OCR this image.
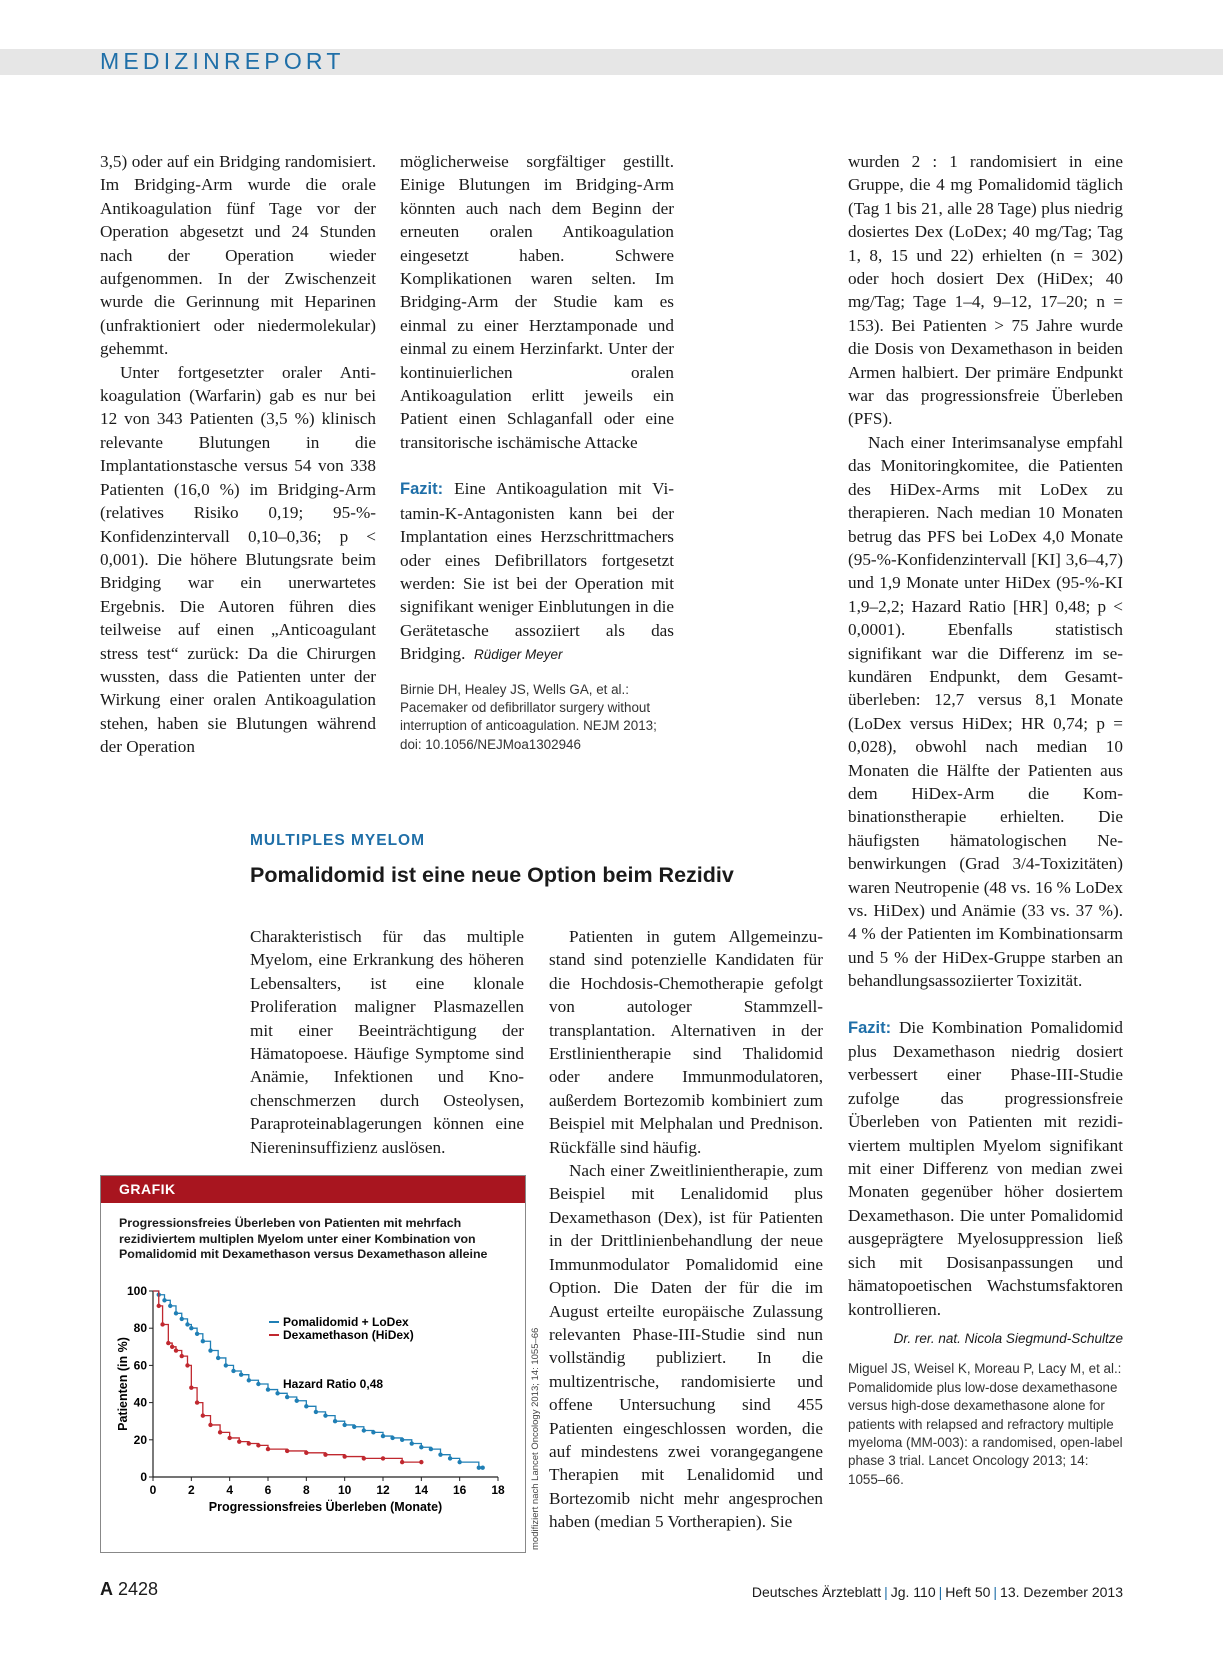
MEDIZINREPORT

3,5) oder auf ein Bridging randomisiert. Im Bridging-Arm wurde die orale Antikoagulation fünf Tage vor der Operation abgesetzt und 24 Stunden nach der Operation wieder aufgenommen. In der Zwischenzeit wurde die Gerinnung mit Heparinen (unfraktioniert oder niedermolekular) gehemmt.

Unter fortgesetzter oraler Antikoagulation (Warfarin) gab es nur bei 12 von 343 Patienten (3,5 %) klinisch relevante Blutungen in die Implantationstasche versus 54 von 338 Patienten (16,0 %) im Bridging-Arm (relatives Risiko 0,19; 95-%-Konfidenzintervall 0,10–0,36; p < 0,001). Die höhere Blutungsrate beim Bridging war ein unerwartetes Ergebnis. Die Autoren führen dies teilweise auf einen „Anticoagulant stress test“ zurück: Da die Chirurgen wussten, dass die Patienten unter der Wirkung einer oralen Antikoagulation stehen, haben sie Blutungen während der Operation

möglicherweise sorgfältiger gestillt. Einige Blutungen im Bridging-Arm könnten auch nach dem Beginn der erneuten oralen Antikoagulation eingesetzt haben. Schwere Komplikationen waren selten. Im Bridging-Arm der Studie kam es einmal zu einer Herztamponade und einmal zu einem Herzinfarkt. Unter der kontinuierlichen oralen Antikoagulation erlitt jeweils ein Patient einen Schlaganfall oder eine transitorische ischämische Attacke

Fazit: Eine Antikoagulation mit Vitamin-K-Antagonisten kann bei der Implantation eines Herzschrittmachers oder eines Defibrillators fortgesetzt werden: Sie ist bei der Operation mit signifikant weniger Einblutungen in die Gerätetasche assoziiert als das Bridging. Rüdiger Meyer

Birnie DH, Healey JS, Wells GA, et al.: Pacemaker od defibrillator surgery without interruption of anticoagulation. NEJM 2013; doi: 10.1056/NEJMoa1302946

wurden 2 : 1 randomisiert in eine Gruppe, die 4 mg Pomalidomid täglich (Tag 1 bis 21, alle 28 Tage) plus niedrig dosiertes Dex (LoDex; 40 mg/Tag; Tag 1, 8, 15 und 22) erhielten (n = 302) oder hoch dosiert Dex (HiDex; 40 mg/Tag; Tage 1–4, 9–12, 17–20; n = 153). Bei Patienten > 75 Jahre wurde die Dosis von Dexamethason in beiden Armen halbiert. Der primäre Endpunkt war das progressionsfreie Überleben (PFS).

Nach einer Interimsanalyse empfahl das Monitoringkomitee, die Patienten des HiDex-Arms mit LoDex zu therapieren. Nach median 10 Monaten betrug das PFS bei LoDex 4,0 Monate (95-%-Konfidenzintervall [KI] 3,6–4,7) und 1,9 Monate unter HiDex (95-%-KI 1,9–2,2; Hazard Ratio [HR] 0,48; p < 0,0001). Ebenfalls statistisch signifikant war die Differenz im sekundären Endpunkt, dem Gesamtüberleben: 12,7 versus 8,1 Monate (LoDex versus HiDex; HR 0,74; p = 0,028), obwohl nach median 10 Monaten die Hälfte der Patienten aus dem HiDex-Arm die Kombinationstherapie erhielten. Die häufigsten hämatologischen Nebenwirkungen (Grad 3/4-Toxizitäten) waren Neutropenie (48 vs. 16 % LoDex vs. HiDex) und Anämie (33 vs. 37 %). 4 % der Patienten im Kombinationsarm und 5 % der HiDex-Gruppe starben an behandlungsassoziierter Toxizität.

Fazit: Die Kombination Pomalidomid plus Dexamethason niedrig dosiert verbessert einer Phase-III-Studie zufolge das progressionsfreie Überleben von Patienten mit rezidiviertem multiplen Myelom signifikant mit einer Differenz von median zwei Monaten gegenüber höher dosiertem Dexamethason. Die unter Pomalidomid ausgeprägtere Myelosuppression ließ sich mit Dosisanpassungen und hämatopoetischen Wachstumsfaktoren kontrollieren.
Dr. rer. nat. Nicola Siegmund-Schultze

Miguel JS, Weisel K, Moreau P, Lacy M, et al.: Pomalidomide plus low-dose dexamethasone versus high-dose dexamethasone alone for patients with relapsed and refractory multiple myeloma (MM-003): a randomised, open-label phase 3 trial. Lancet Oncology 2013; 14: 1055–66.

MULTIPLES MYELOM
Pomalidomid ist eine neue Option beim Rezidiv

Charakteristisch für das multiple Myelom, eine Erkrankung des höheren Lebensalters, ist eine klonale Proliferation maligner Plasmazellen mit einer Beeinträchtigung der Hämatopoese. Häufige Symptome sind Anämie, Infektionen und Knochenschmerzen durch Osteolysen, Paraproteinablagerungen können eine Niereninsuffizienz auslösen.

Patienten in gutem Allgemeinzustand sind potenzielle Kandidaten für die Hochdosis-Chemotherapie gefolgt von autologer Stammzelltransplantation. Alternativen in der Erstlinientherapie sind Thalidomid oder andere Immunmodulatoren, außerdem Bortezomib kombiniert zum Beispiel mit Melphalan und Prednison. Rückfälle sind häufig.

Nach einer Zweitlinientherapie, zum Beispiel mit Lenalidomid plus Dexamethason (Dex), ist für Patienten in der Drittlinienbehandlung der neue Immunmodulator Pomalidomid eine Option. Die Daten der für die im August erteilte europäische Zulassung relevanten Phase-III-Studie sind nun vollständig publiziert. In die multizentrische, randomisierte und offene Untersuchung sind 455 Patienten eingeschlossen worden, die auf mindestens zwei vorangegangene Therapien mit Lenalidomid und Bortezomib nicht mehr angesprochen haben (median 5 Vortherapien). Sie

GRAFIK
Progressionsfreies Überleben von Patienten mit mehrfach rezidiviertem multiplen Myelom unter einer Kombination von Pomalidomid mit Dexamethason versus Dexamethason alleine
0	2	4	6	8 10 12 14 16 18
0
20
40
60
80
100
Progressionsfreies Überleben (Monate)
Patienten (in %)
Pomalidomid + LoDex
Dexamethason (HiDex)
Hazard Ratio 0,48	modifiziert nach Lancet Oncology 2013; 14: 1055–66
A 2428	Deutsches Ärzteblatt | Jg. 110 | Heft 50 | 13. Dezember 2013
